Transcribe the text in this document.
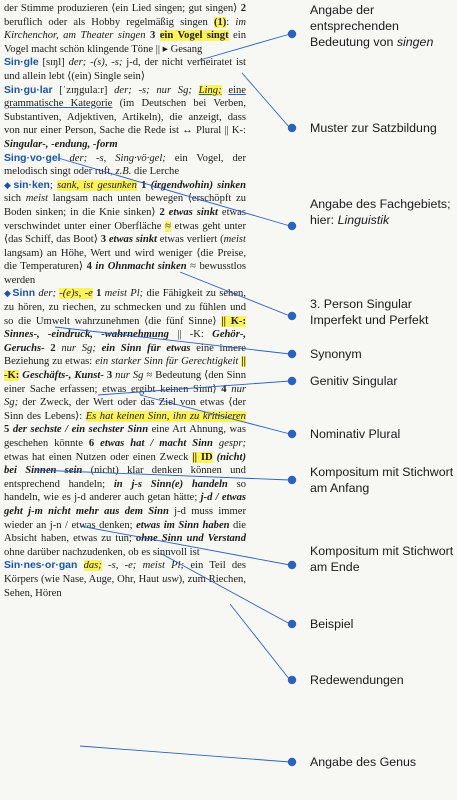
der Stimme produzieren ⟨ein Lied singen; gut singen⟩ 2 beruflich oder als Hobby regelmäßig singen (1): im Kirchenchor, am Theater singen 3 ein Vogel singt ein Vogel macht schön klingende Töne || ▸ Gesang

Sin·gle [sɪŋl] der; -(s), -s; j-d, der nicht verheiratet ist und allein lebt ⟨(ein) Single sein⟩

Sin·gu·lar [ˈzɪŋgulaːr] der; -s; nur Sg; Ling; eine grammatische Kategorie (im Deutschen bei Verben, Substantiven, Adjektiven, Artikeln), die anzeigt, dass von nur einer Person, Sache die Rede ist ↔ Plural || K-: Singular-, -endung, -form

Sing·vo·gel der; -s, Sing·vö·gel; ein Vogel, der melodisch singt oder ruft, z.B. die Lerche

◆sin·ken; sank, ist gesunken 1 (irgendwohin) sinken sich meist langsam nach unten bewegen ⟨erschöpft zu Boden sinken; in die Knie sinken⟩ 2 etwas sinkt etwas verschwindet unter einer Oberfläche ≈ etwas geht unter ⟨das Schiff, das Boot⟩ 3 etwas sinkt etwas verliert (meist langsam) an Höhe, Wert und wird weniger ⟨die Preise, die Temperaturen⟩ 4 in Ohnmacht sinken ≈ bewusstlos werden

◆Sinn der; -(e)s, -e 1 meist Pl; die Fähigkeit zu sehen, zu hören, zu riechen, zu schmecken und zu fühlen und so die Umwelt wahrzunehmen ⟨die fünf Sinne⟩ || K-: Sinnes-, -eindruck, -wahrnehmung || -K: Gehör-, Geruchs- 2 nur Sg; ein Sinn für etwas eine innere Beziehung zu etwas: ein starker Sinn für Gerechtigkeit || -K: Geschäfts-, Kunst- 3 nur Sg ≈ Bedeutung ⟨den Sinn einer Sache erfassen; etwas ergibt keinen Sinn⟩ 4 nur Sg; der Zweck, der Wert oder das Ziel von etwas ⟨der Sinn des Lebens⟩: Es hat keinen Sinn, ihn zu kritisieren 5 der sechste / ein sechster Sinn eine Art Ahnung, was geschehen könnte 6 etwas hat / macht Sinn gespr; etwas hat einen Nutzen oder einen Zweck || ID (nicht) bei Sinnen sein (nicht) klar denken können und entsprechend handeln; in j-s Sinn(e) handeln so handeln, wie es j-d anderer auch getan hätte; j-d / etwas geht j-m nicht mehr aus dem Sinn j-d muss immer wieder an j-n / etwas denken; etwas im Sinn haben die Absicht haben, etwas zu tun; ohne Sinn und Verstand ohne darüber nachzudenken, ob es sinnvoll ist

Sin·nes·or·gan das; -s, -e; meist Pl; ein Teil des Körpers (wie Nase, Auge, Ohr, Haut usw), zum Riechen, Sehen, Hören

Angabe der entsprechenden Bedeutung von singen
Muster zur Satzbildung
Angabe des Fachgebiets; hier: Linguistik
3. Person Singular Imperfekt und Perfekt
Synonym
Genitiv Singular
Nominativ Plural
Kompositum mit Stichwort am Anfang
Kompositum mit Stichwort am Ende
Beispiel
Redewendungen
Angabe des Genus
